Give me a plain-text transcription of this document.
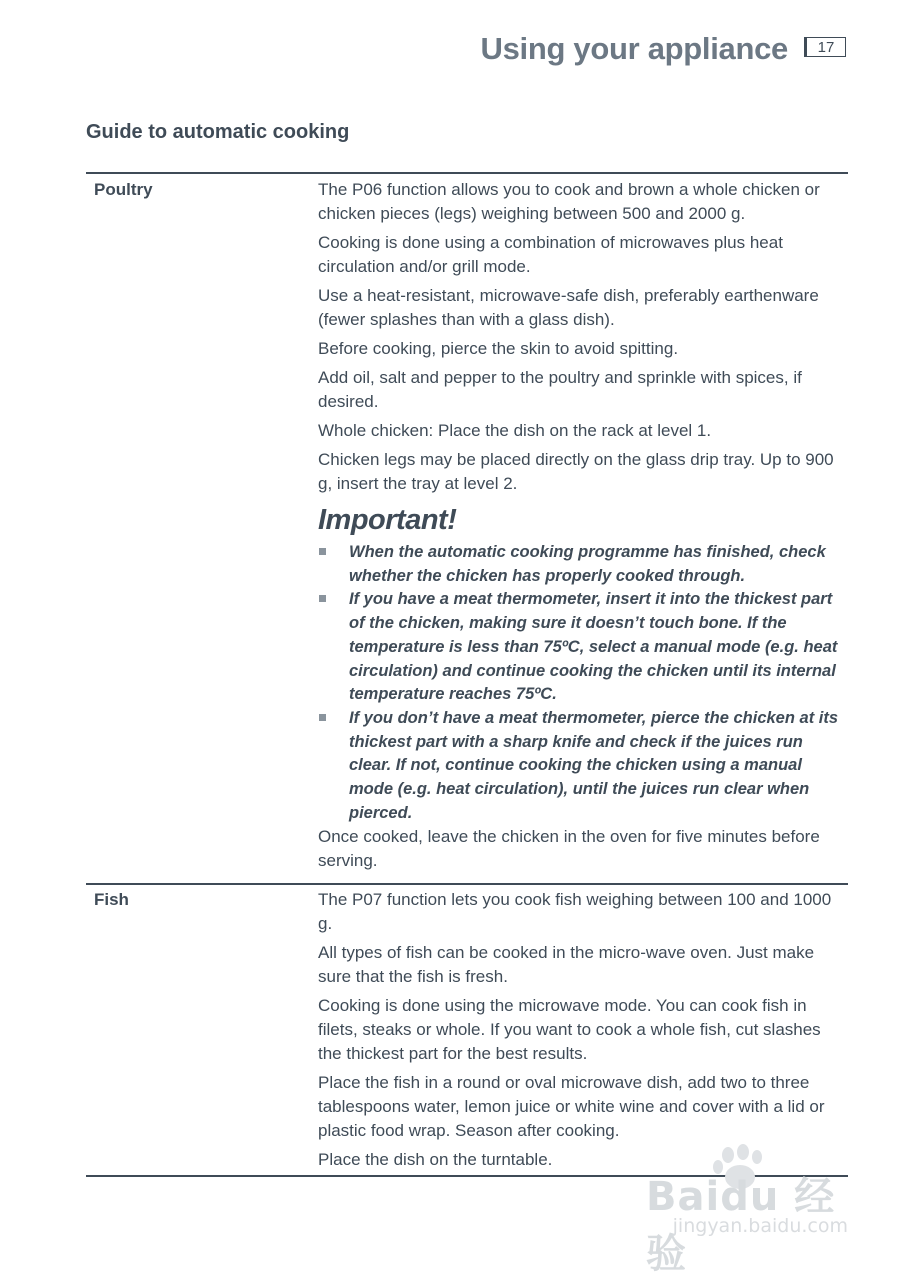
Using your appliance	17
Guide to automatic cooking
Poultry	The P06 function allows you to cook and brown a whole chicken or chicken pieces (legs) weighing between 500 and 2000 g.

Cooking is done using a combination of microwaves plus heat circulation and/or grill mode.

Use a heat-resistant, microwave-safe dish, preferably earthenware (fewer splashes than with a glass dish).

Before cooking, pierce the skin to avoid spitting.

Add oil, salt and pepper to the poultry and sprinkle with spices, if desired.

Whole chicken: Place the dish on the rack at level 1.

Chicken legs may be placed directly on the glass drip tray. Up to 900 g, insert the tray at level 2.

Important!
When the automatic cooking programme has finished, check whether the chicken has properly cooked through.
If you have a meat thermometer, insert it into the thickest part of the chicken, making sure it doesn’t touch bone. If the temperature is less than 75ºC, select a manual mode (e.g. heat circulation) and continue cooking the chicken until its internal temperature reaches 75ºC.
If you don’t have a meat thermometer, pierce the chicken at its thickest part with a sharp knife and check if the juices run clear. If not, continue cooking the chicken using a manual mode (e.g. heat circulation), until the juices run clear when pierced.

Once cooked, leave the chicken in the oven for five minutes before serving.

Fish	The P07 function lets you cook fish weighing between 100 and 1000 g.

All types of fish can be cooked in the micro-wave oven. Just make sure that the fish is fresh.

Cooking is done using the microwave mode. You can cook fish in filets, steaks or whole. If you want to cook a whole fish, cut slashes the thickest part for the best results.

Place the fish in a round or oval microwave dish, add two to three tablespoons water, lemon juice or white wine and cover with a lid or plastic food wrap. Season after cooking.

Place the dish on the turntable.

Baidu 经验
jingyan.baidu.com
